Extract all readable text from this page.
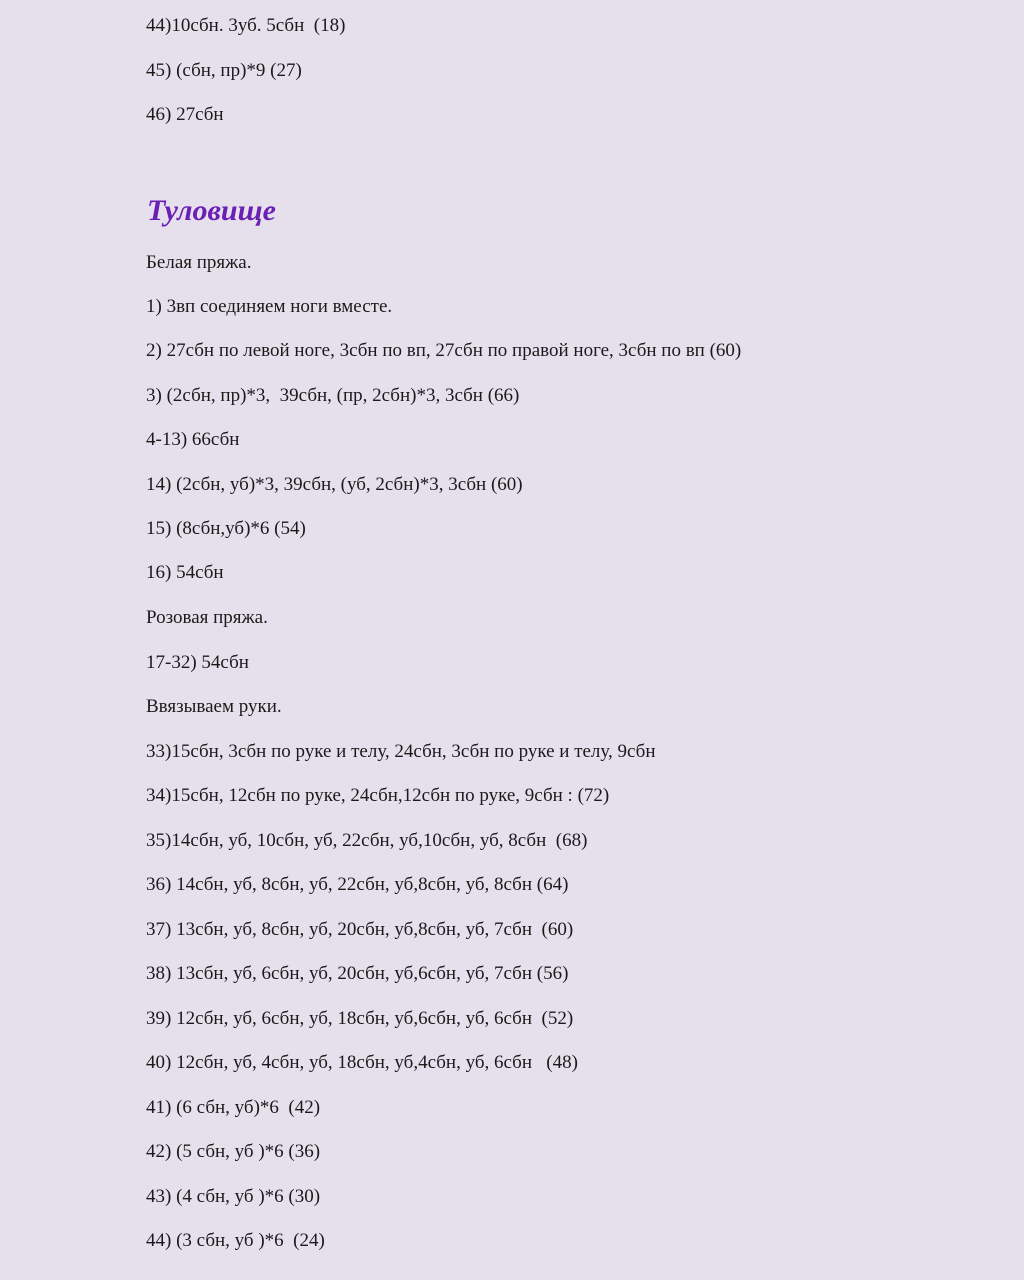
44)10сбн. 3уб. 5сбн  (18)
45) (сбн, пр)*9 (27)
46) 27сбн
Туловище
Белая пряжа.
1) 3вп соединяем ноги вместе.
2) 27сбн по левой ноге, 3сбн по вп, 27сбн по правой ноге, 3сбн по вп (60)
3) (2сбн, пр)*3,  39сбн, (пр, 2сбн)*3, 3сбн (66)
4-13) 66сбн
14) (2сбн, уб)*3, 39сбн, (уб, 2сбн)*3, 3сбн (60)
15) (8сбн,уб)*6 (54)
16) 54сбн
Розовая пряжа.
17-32) 54сбн
Ввязываем руки.
33)15сбн, 3сбн по руке и телу, 24сбн, 3сбн по руке и телу, 9сбн
34)15сбн, 12сбн по руке, 24сбн,12сбн по руке, 9сбн : (72)
35)14сбн, уб, 10сбн, уб, 22сбн, уб,10сбн, уб, 8сбн  (68)
36) 14сбн, уб, 8сбн, уб, 22сбн, уб,8сбн, уб, 8сбн (64)
37) 13сбн, уб, 8сбн, уб, 20сбн, уб,8сбн, уб, 7сбн  (60)
38) 13сбн, уб, 6сбн, уб, 20сбн, уб,6сбн, уб, 7сбн (56)
39) 12сбн, уб, 6сбн, уб, 18сбн, уб,6сбн, уб, 6сбн  (52)
40) 12сбн, уб, 4сбн, уб, 18сбн, уб,4сбн, уб, 6сбн   (48)
41) (6 сбн, уб)*6  (42)
42) (5 сбн, уб )*6 (36)
43) (4 сбн, уб )*6 (30)
44) (3 сбн, уб )*6  (24)
